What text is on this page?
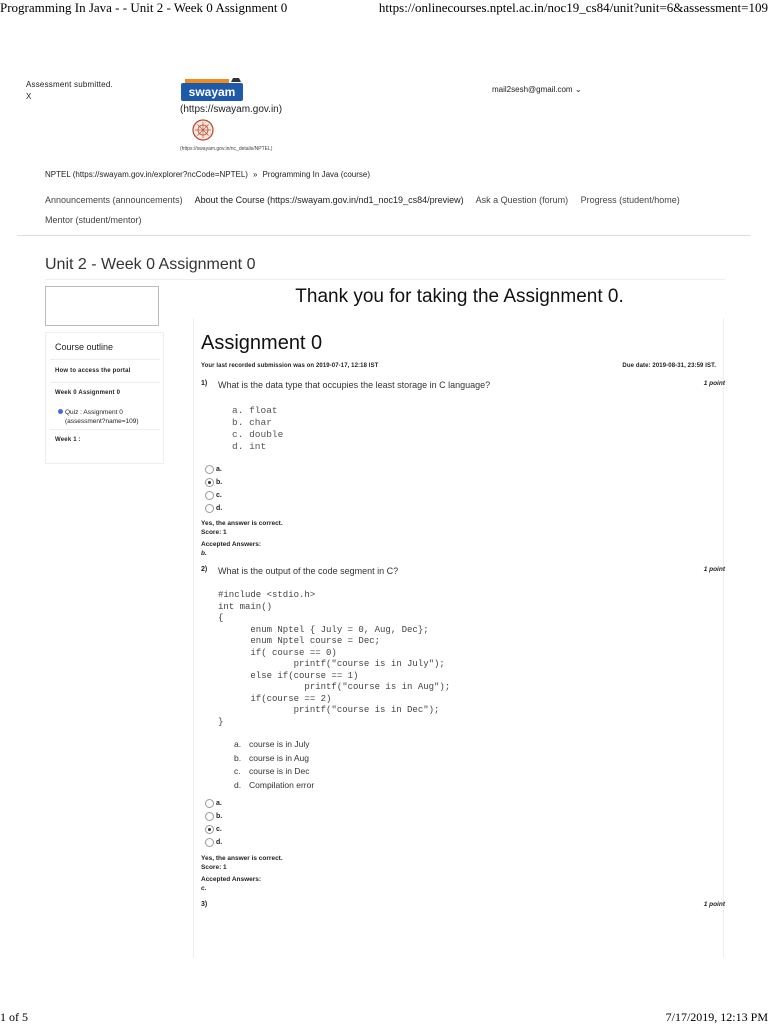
Programming In Java - - Unit 2 - Week 0 Assignment 0	https://onlinecourses.nptel.ac.in/noc19_cs84/unit?unit=6&assessment=109
Assessment submitted.
X	swayam
(https://swayam.gov.in)
(https://swayam.gov.in/nc_details/NPTEL)
mail2sesh@gmail.com ⌄
NPTEL (https://swayam.gov.in/explorer?ncCode=NPTEL) » Programming In Java (course)
Announcements (announcements) About the Course (https://swayam.gov.in/nd1_noc19_cs84/preview) Ask a Question (forum) Progress (student/home)
Mentor (student/mentor)
Unit 2 - Week 0 Assignment 0
Course outline
How to access the portal
Week 0 Assignment 0
Quiz : Assignment 0
(assessment?name=109)
Week 1 :
Thank you for taking the Assignment 0.
Assignment 0
Your last recorded submission was on 2019-07-17, 12:18 IST	Due date: 2019-08-31, 23:59 IST.
1) What is the data type that occupies the least storage in C language?	1 point
a. float
b. char
c. double
d. int
a.
b.
c.
d.
Yes, the answer is correct.
Score: 1
Accepted Answers:
b.
2) What is the output of the code segment in C?	1 point
#include <stdio.h>
int main()
{
enum Nptel { July = 0, Aug, Dec};
enum Nptel course = Dec;
if( course == 0)
printf("course is in July");
else if(course == 1)
printf("course is in Aug");
if(course == 2)
printf("course is in Dec");
}
a. course is in July
b. course is in Aug
c. course is in Dec
d. Compilation error
a.
b.
c.
d.
Yes, the answer is correct.
Score: 1
Accepted Answers:
c.
3)	1 point
1 of 5	7/17/2019, 12:13 PM
